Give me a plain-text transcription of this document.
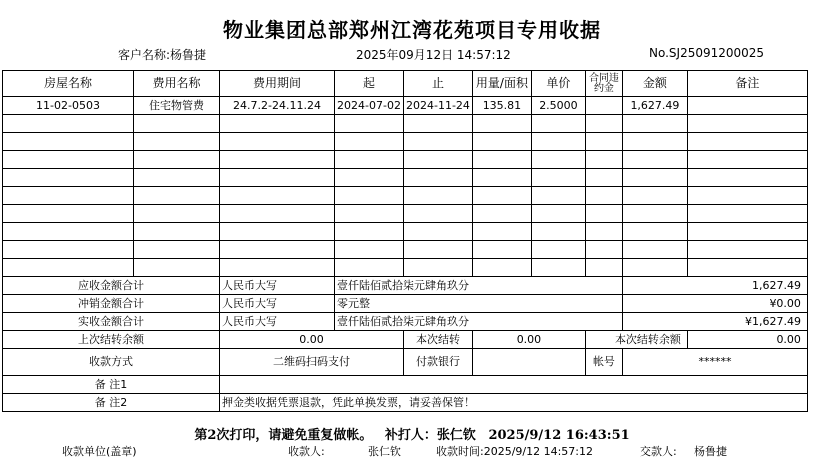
物业集团总部郑州江湾花苑项目专用收据
客户名称:杨鲁捷	2025年09月12日 14:57:12	No.SJ25091200025
房屋名称	费用名称	费用期间	起	止	用量/面积	单价	合同违约金	金额	备注
11-02-0503	住宅物管费	24.7.2-24.11.24	2024-07-02	2024-11-24	135.81	2.5000		1,627.49	

应收金额合计		人民币大写	壹仟陆佰贰拾柒元肆角玖分					1,627.49	
冲销金额合计		人民币大写	零元整					¥0.00	
实收金额合计		人民币大写	壹仟陆佰贰拾柒元肆角玖分					¥1,627.49	
上次结转余额		0.00		本次结转	0.00		本次结转余额		0.00
收款方式		二维码扫码支付		付款银行			帐号	******	
备 注1									
备 注2		押金类收据凭票退款，凭此单换发票，请妥善保管！							
第2次打印，请避免重复做帐。 补打人：张仁钦 2025/9/12 16:43:51
收款单位(盖章)	收款人:	张仁钦	收款时间:2025/9/12 14:57:12	交款人: 杨鲁捷
